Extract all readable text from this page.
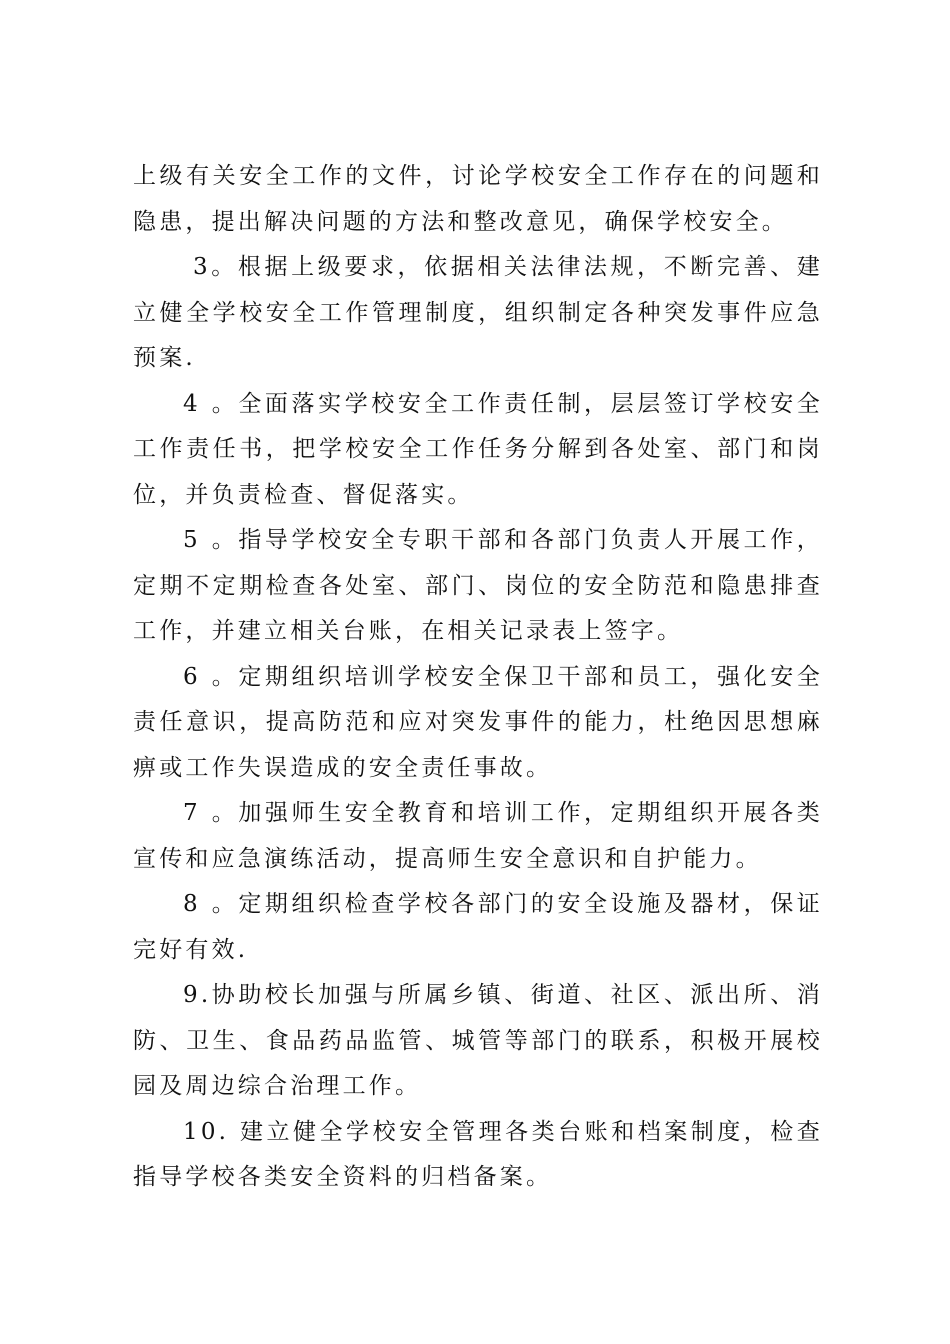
上级有关安全工作的文件，讨论学校安全工作存在的问题和隐患，提出解决问题的方法和整改意见，确保学校安全。

3。根据上级要求，依据相关法律法规，不断完善、建立健全学校安全工作管理制度，组织制定各种突发事件应急预案.

4 。全面落实学校安全工作责任制，层层签订学校安全工作责任书，把学校安全工作任务分解到各处室、部门和岗位，并负责检查、督促落实。

5 。指导学校安全专职干部和各部门负责人开展工作，定期不定期检查各处室、部门、岗位的安全防范和隐患排查工作，并建立相关台账，在相关记录表上签字。

6 。定期组织培训学校安全保卫干部和员工，强化安全责任意识，提高防范和应对突发事件的能力，杜绝因思想麻痹或工作失误造成的安全责任事故。

7 。加强师生安全教育和培训工作，定期组织开展各类宣传和应急演练活动，提高师生安全意识和自护能力。

8 。定期组织检查学校各部门的安全设施及器材，保证完好有效.

9.协助校长加强与所属乡镇、街道、社区、派出所、消防、卫生、食品药品监管、城管等部门的联系，积极开展校园及周边综合治理工作。

10. 建立健全学校安全管理各类台账和档案制度，检查指导学校各类安全资料的归档备案。
